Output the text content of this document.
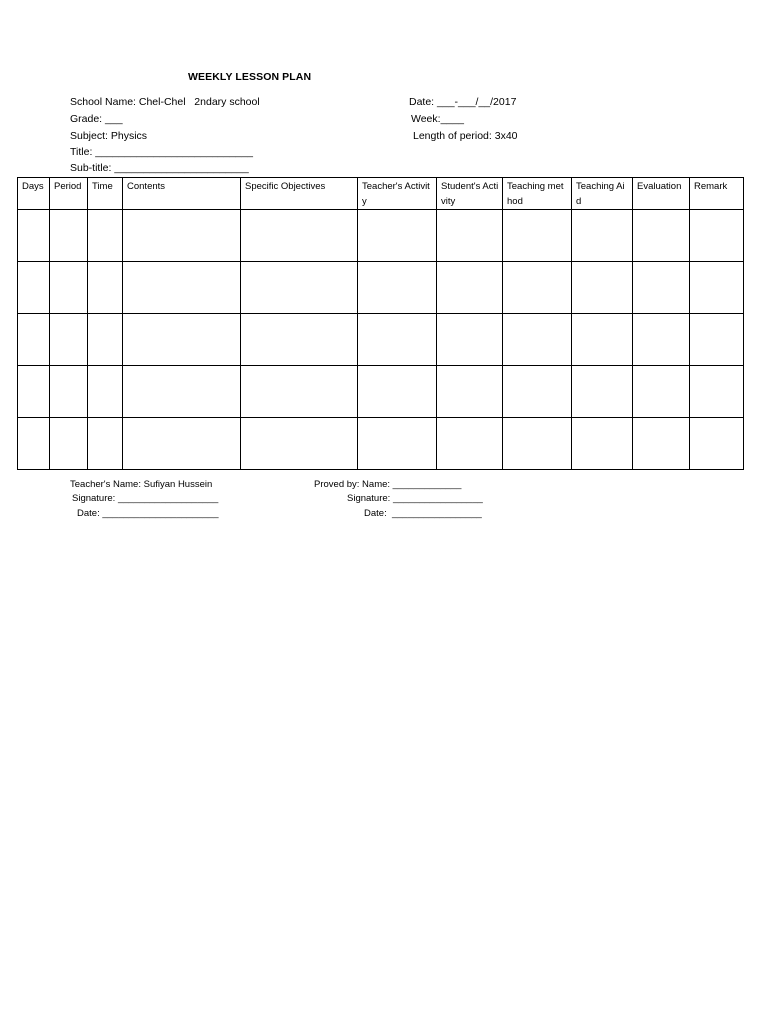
WEEKLY LESSON PLAN
School Name: Chel-Chel   2ndary school	Date: ___-___/__/2017
Grade: ___	Week:____
Subject: Physics	Length of period: 3x40
Title: ___________________________
Sub-title: _______________________
Days	Period	Time	Contents	Specific Objectives	Teacher's Activity	Student's Activity	Teaching method	Teaching Aid	Evaluation	Remark

Teacher's Name: Sufiyan Hussein
Signature: ___________________
Date: ______________________
Proved by: Name: _____________
Signature: _________________
Date:  _________________
